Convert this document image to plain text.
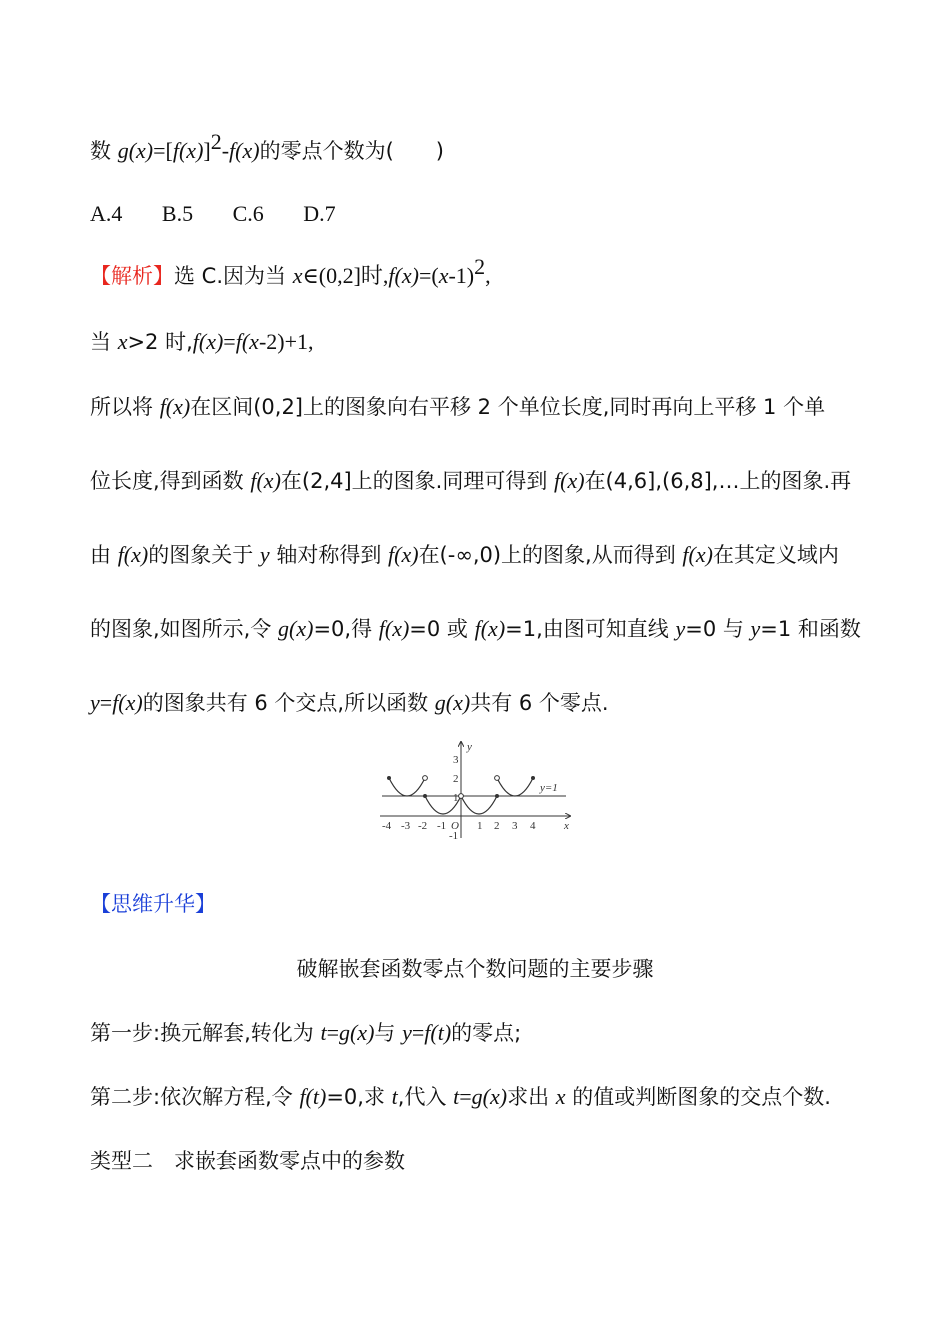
数 $g(x)=[f(x)]^2-f(x)$的零点个数为(　　)
A.4 B.5 C.6 D.7
【解析】选 C.因为当 x∈(0,2]时$,f(x)=(x-1)^2$,
当 x>2 时,f(x)=f(x-2)+1,
所以将 f(x)在区间(0,2]上的图象向右平移 2 个单位长度,同时再向上平移 1 个单
位长度,得到函数 f(x)在(2,4]上的图象.同理可得到 f(x)在(4,6],(6,8],…上的图象.再
由 f(x)的图象关于 y 轴对称得到 f(x)在(-∞,0)上的图象,从而得到 f(x)在其定义域内
的图象,如图所示,令 g(x)=0,得 f(x)=0 或 f(x)=1,由图可知直线 y=0 与 y=1 和函数
y=f(x)的图象共有 6 个交点,所以函数 g(x)共有 6 个零点.
y
x
y=1
O
3
2
1
-1
-4 -3 -2 -1	1 2 3 4
【思维升华】
破解嵌套函数零点个数问题的主要步骤
第一步:换元解套,转化为 t=g(x)与 y=f(t)的零点;
第二步:依次解方程,令 f(t)=0,求 t,代入 t=g(x)求出 x 的值或判断图象的交点个数.
类型二　求嵌套函数零点中的参数
